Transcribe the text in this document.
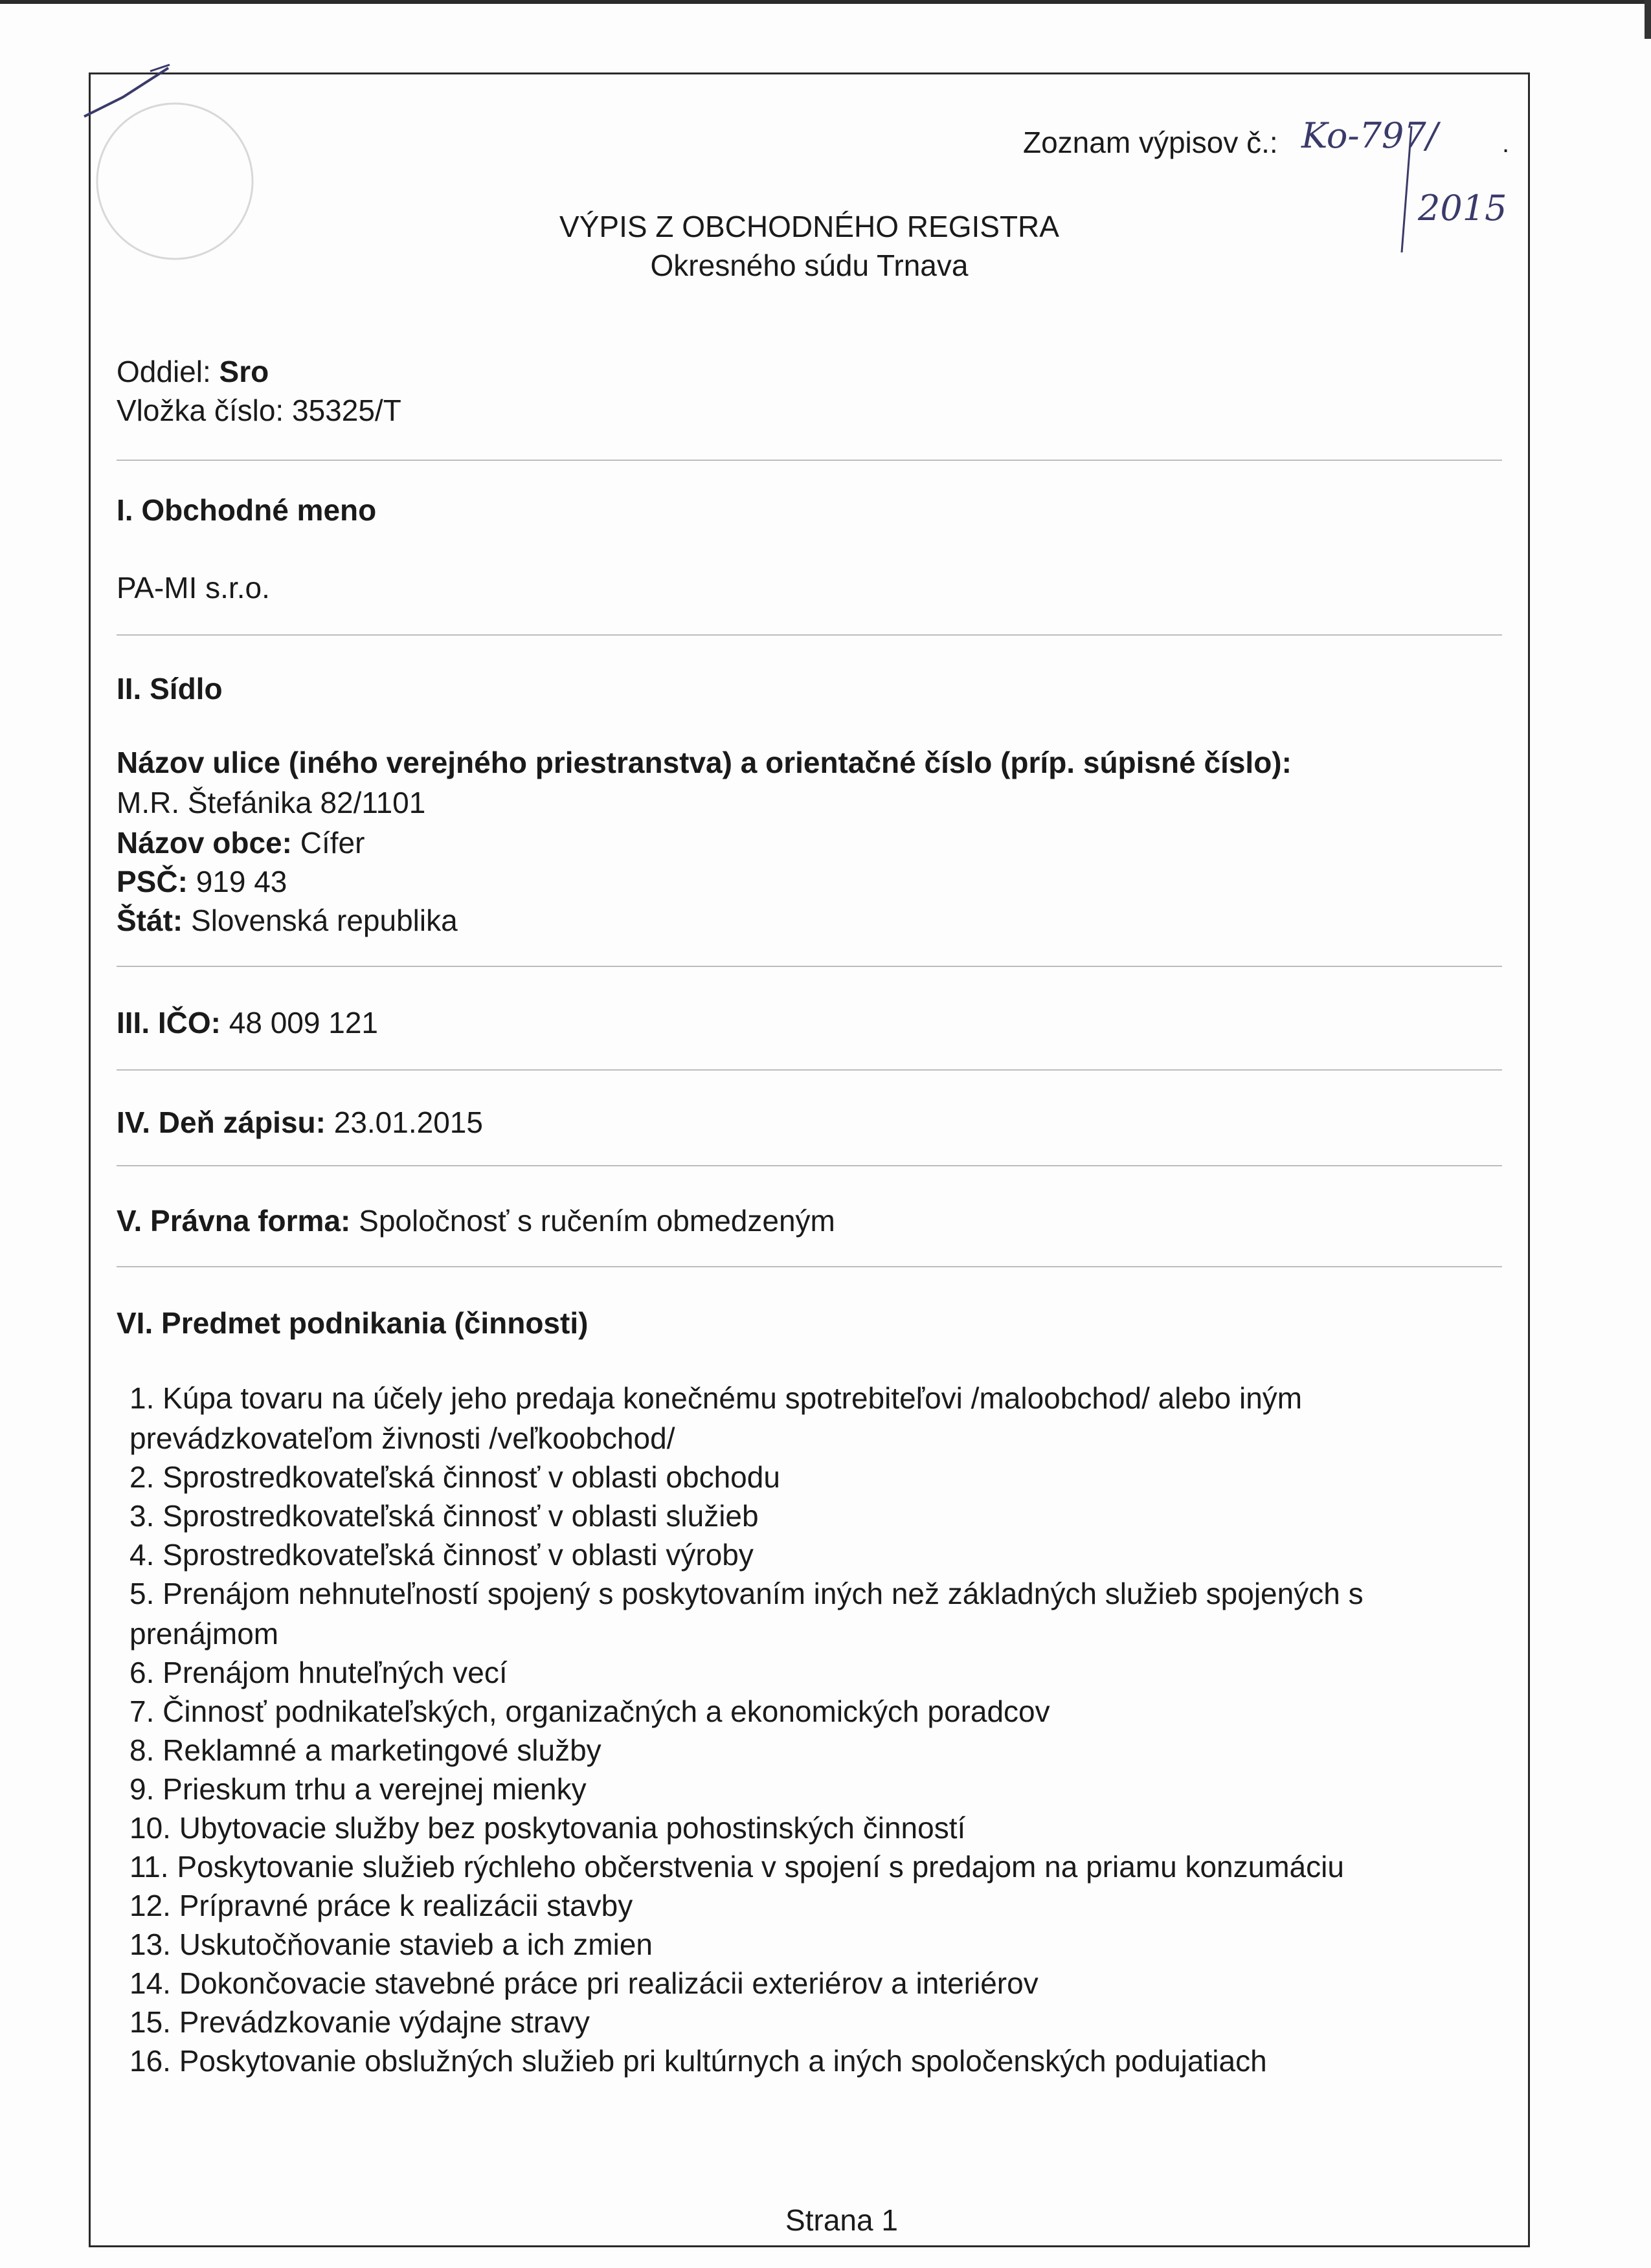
Zoznam výpisov č.: Ko-797/
2015
.
VÝPIS Z OBCHODNÉHO REGISTRA
Okresného súdu Trnava
Oddiel: Sro
Vložka číslo: 35325/T
I. Obchodné meno
PA-MI s.r.o.
II. Sídlo
Názov ulice (iného verejného priestranstva) a orientačné číslo (príp. súpisné číslo):
M.R. Štefánika 82/1101
Názov obce: Cífer
PSČ: 919 43
Štát: Slovenská republika
III. IČO: 48 009 121
IV. Deň zápisu: 23.01.2015
V. Právna forma: Spoločnosť s ručením obmedzeným
VI. Predmet podnikania (činnosti)
1. Kúpa tovaru na účely jeho predaja konečnému spotrebiteľovi /maloobchod/ alebo iným
prevádzkovateľom živnosti /veľkoobchod/
2. Sprostredkovateľská činnosť v oblasti obchodu
3. Sprostredkovateľská činnosť v oblasti služieb
4. Sprostredkovateľská činnosť v oblasti výroby
5. Prenájom nehnuteľností spojený s poskytovaním iných než základných služieb spojených s
prenájmom
6. Prenájom hnuteľných vecí
7. Činnosť podnikateľských, organizačných a ekonomických poradcov
8. Reklamné a marketingové služby
9. Prieskum trhu a verejnej mienky
10. Ubytovacie služby bez poskytovania pohostinských činností
11. Poskytovanie služieb rýchleho občerstvenia v spojení s predajom na priamu konzumáciu
12. Prípravné práce k realizácii stavby
13. Uskutočňovanie stavieb a ich zmien
14. Dokončovacie stavebné práce pri realizácii exteriérov a interiérov
15. Prevádzkovanie výdajne stravy
16. Poskytovanie obslužných služieb pri kultúrnych a iných spoločenských podujatiach
Strana 1
